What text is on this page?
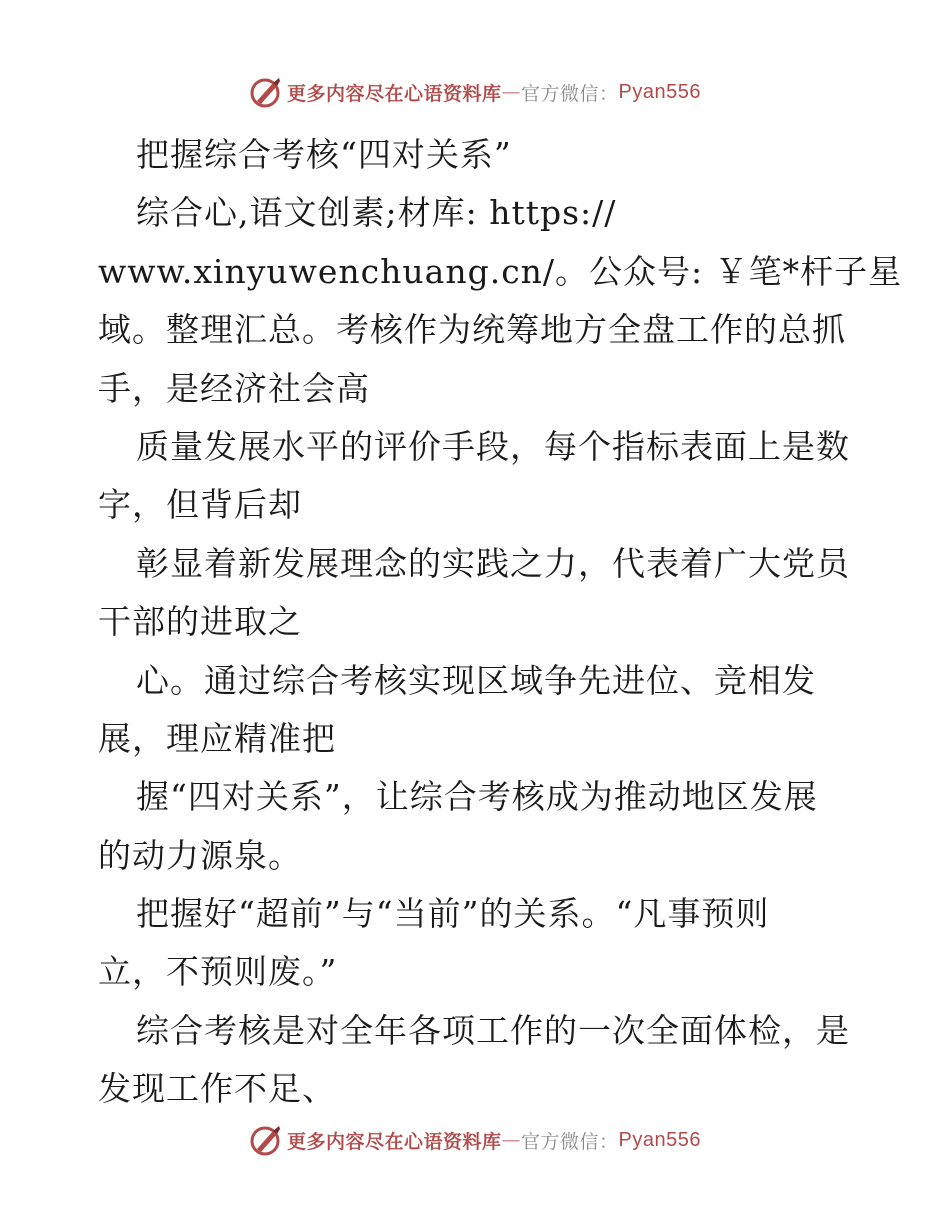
更多内容尽在心语资料库 — 官方微信： Pyan556
把握综合考核“四对关系”
综合心,语文创素;材库: https://
www.xinyuwenchuang.cn/。公众号: ￥笔*杆子星
域。整理汇总。考核作为统筹地方全盘工作的总抓
手，是经济社会高
质量发展水平的评价手段，每个指标表面上是数
字，但背后却
彰显着新发展理念的实践之力，代表着广大党员
干部的进取之
心。通过综合考核实现区域争先进位、竞相发
展，理应精准把
握“四对关系”，让综合考核成为推动地区发展
的动力源泉。
把握好“超前”与“当前”的关系。“凡事预则
立，不预则废。”
综合考核是对全年各项工作的一次全面体检，是
发现工作不足、
更多内容尽在心语资料库 — 官方微信： Pyan556
